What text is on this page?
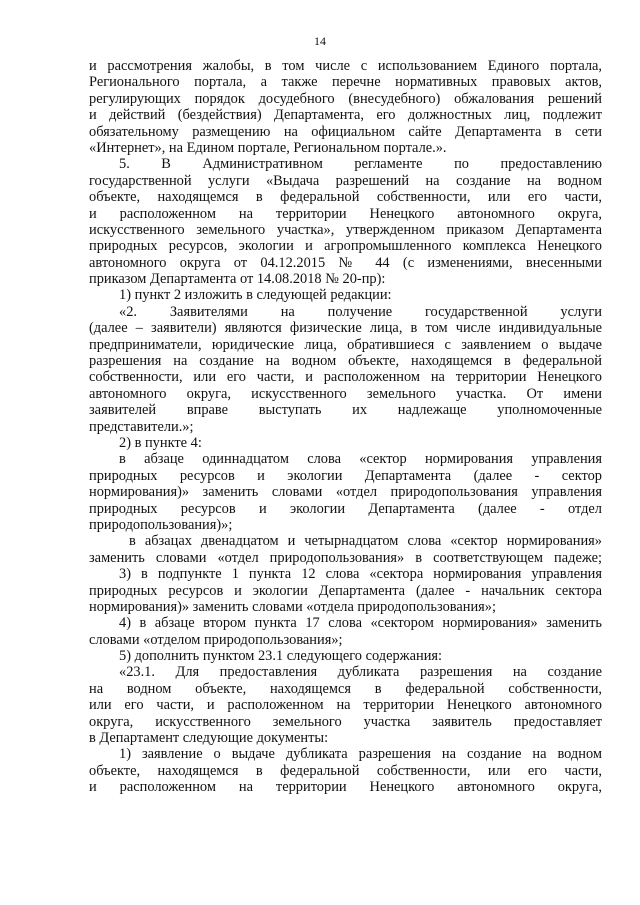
14
и рассмотрения жалобы, в том числе с использованием Единого портала,
Регионального портала, а также перечне нормативных правовых актов,
регулирующих порядок досудебного (внесудебного) обжалования решений
и действий (бездействия) Департамента, его должностных лиц, подлежит
обязательному размещению на официальном сайте Департамента в сети
«Интернет», на Едином портале, Региональном портале.».
5. В Административном регламенте по предоставлению
государственной услуги «Выдача разрешений на создание на водном
объекте, находящемся в федеральной собственности, или его части,
и расположенном на территории Ненецкого автономного округа,
искусственного земельного участка», утвержденном приказом Департамента
природных ресурсов, экологии и агропромышленного комплекса Ненецкого
автономного округа от 04.12.2015 № 44 (с изменениями, внесенными
приказом Департамента от 14.08.2018 № 20-пр):
1) пункт 2 изложить в следующей редакции:
«2. Заявителями на получение государственной услуги
(далее – заявители) являются физические лица, в том числе индивидуальные
предприниматели, юридические лица, обратившиеся с заявлением о выдаче
разрешения на создание на водном объекте, находящемся в федеральной
собственности, или его части, и расположенном на территории Ненецкого
автономного округа, искусственного земельного участка. От имени
заявителей вправе выступать их надлежаще уполномоченные
представители.»;
2) в пункте 4:
в абзаце одиннадцатом слова «сектор нормирования управления
природных ресурсов и экологии Департамента (далее - сектор
нормирования)» заменить словами «отдел природопользования управления
природных ресурсов и экологии Департамента (далее - отдел
природопользования)»;
в абзацах двенадцатом и четырнадцатом слова «сектор нормирования»
заменить словами «отдел природопользования» в соответствующем падеже;
3) в подпункте 1 пункта 12 слова «сектора нормирования управления
природных ресурсов и экологии Департамента (далее - начальник сектора
нормирования)» заменить словами «отдела природопользования»;
4) в абзаце втором пункта 17 слова «сектором нормирования» заменить
словами «отделом природопользования»;
5) дополнить пунктом 23.1 следующего содержания:
«23.1. Для предоставления дубликата разрешения на создание
на водном объекте, находящемся в федеральной собственности,
или его части, и расположенном на территории Ненецкого автономного
округа, искусственного земельного участка заявитель предоставляет
в Департамент следующие документы:
1) заявление о выдаче дубликата разрешения на создание на водном
объекте, находящемся в федеральной собственности, или его части,
и расположенном на территории Ненецкого автономного округа,
